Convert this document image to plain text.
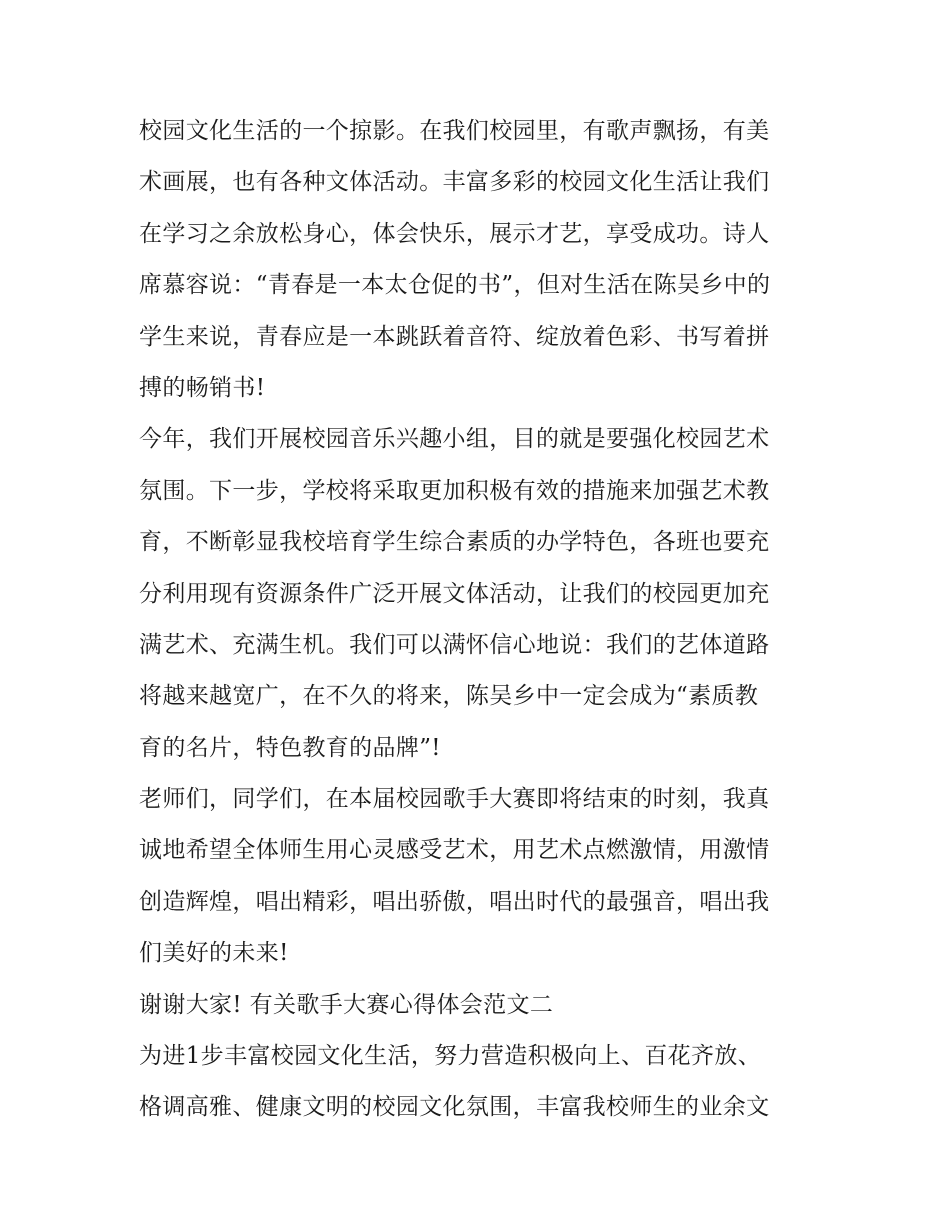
校园文化生活的一个掠影。在我们校园里，有歌声飘扬，有美
术画展，也有各种文体活动。丰富多彩的校园文化生活让我们
在学习之余放松身心，体会快乐，展示才艺，享受成功。诗人
席慕容说：“青春是一本太仓促的书”，但对生活在陈吴乡中的
学生来说，青春应是一本跳跃着音符、绽放着色彩、书写着拼
搏的畅销书!
今年，我们开展校园音乐兴趣小组，目的就是要强化校园艺术
氛围。下一步，学校将采取更加积极有效的措施来加强艺术教
育，不断彰显我校培育学生综合素质的办学特色，各班也要充
分利用现有资源条件广泛开展文体活动，让我们的校园更加充
满艺术、充满生机。我们可以满怀信心地说：我们的艺体道路
将越来越宽广，在不久的将来，陈吴乡中一定会成为“素质教
育的名片，特色教育的品牌”!
老师们，同学们，在本届校园歌手大赛即将结束的时刻，我真
诚地希望全体师生用心灵感受艺术，用艺术点燃激情，用激情
创造辉煌，唱出精彩，唱出骄傲，唱出时代的最强音，唱出我
们美好的未来!
谢谢大家! 有关歌手大赛心得体会范文二
为进1步丰富校园文化生活，努力营造积极向上、百花齐放、
格调高雅、健康文明的校园文化氛围，丰富我校师生的业余文
